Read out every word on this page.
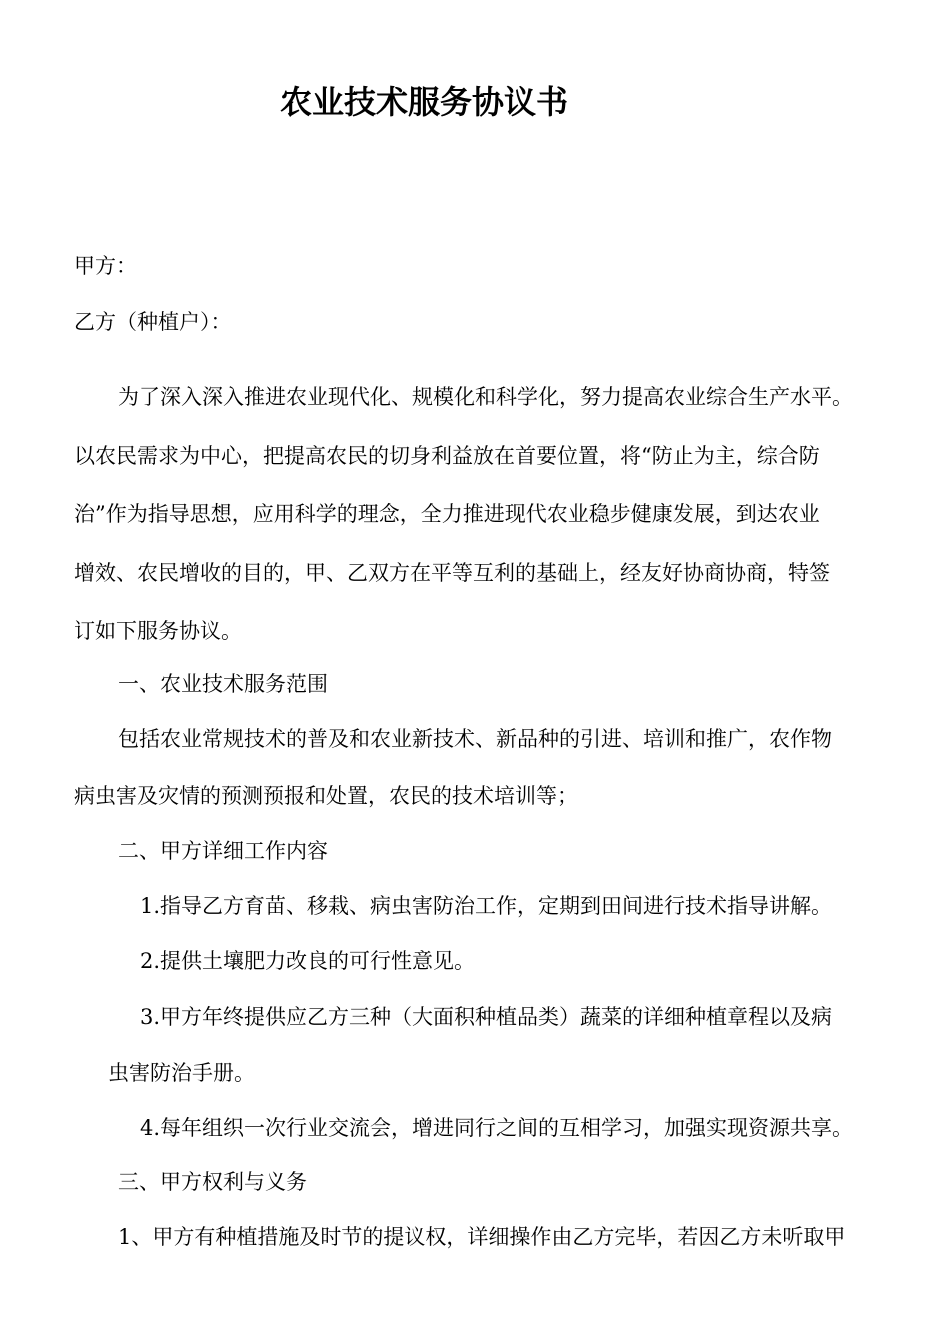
农业技术服务协议书

甲方：

乙方（种植户）：

为了深入深入推进农业现代化、规模化和科学化，努力提高农业综合生产水平。

以农民需求为中心，把提高农民的切身利益放在首要位置，将“防止为主，综合防

治”作为指导思想，应用科学的理念，全力推进现代农业稳步健康发展，到达农业

增效、农民增收的目的，甲、乙双方在平等互利的基础上，经友好协商协商，特签

订如下服务协议。

一、农业技术服务范围

包括农业常规技术的普及和农业新技术、新品种的引进、培训和推广，农作物

病虫害及灾情的预测预报和处置，农民的技术培训等；

二、甲方详细工作内容

1.指导乙方育苗、移栽、病虫害防治工作，定期到田间进行技术指导讲解。

2.提供土壤肥力改良的可行性意见。

3.甲方年终提供应乙方三种（大面积种植品类）蔬菜的详细种植章程以及病

虫害防治手册。

4.每年组织一次行业交流会，增进同行之间的互相学习，加强实现资源共享。

三、甲方权利与义务

1、甲方有种植措施及时节的提议权，详细操作由乙方完毕，若因乙方未听取甲
